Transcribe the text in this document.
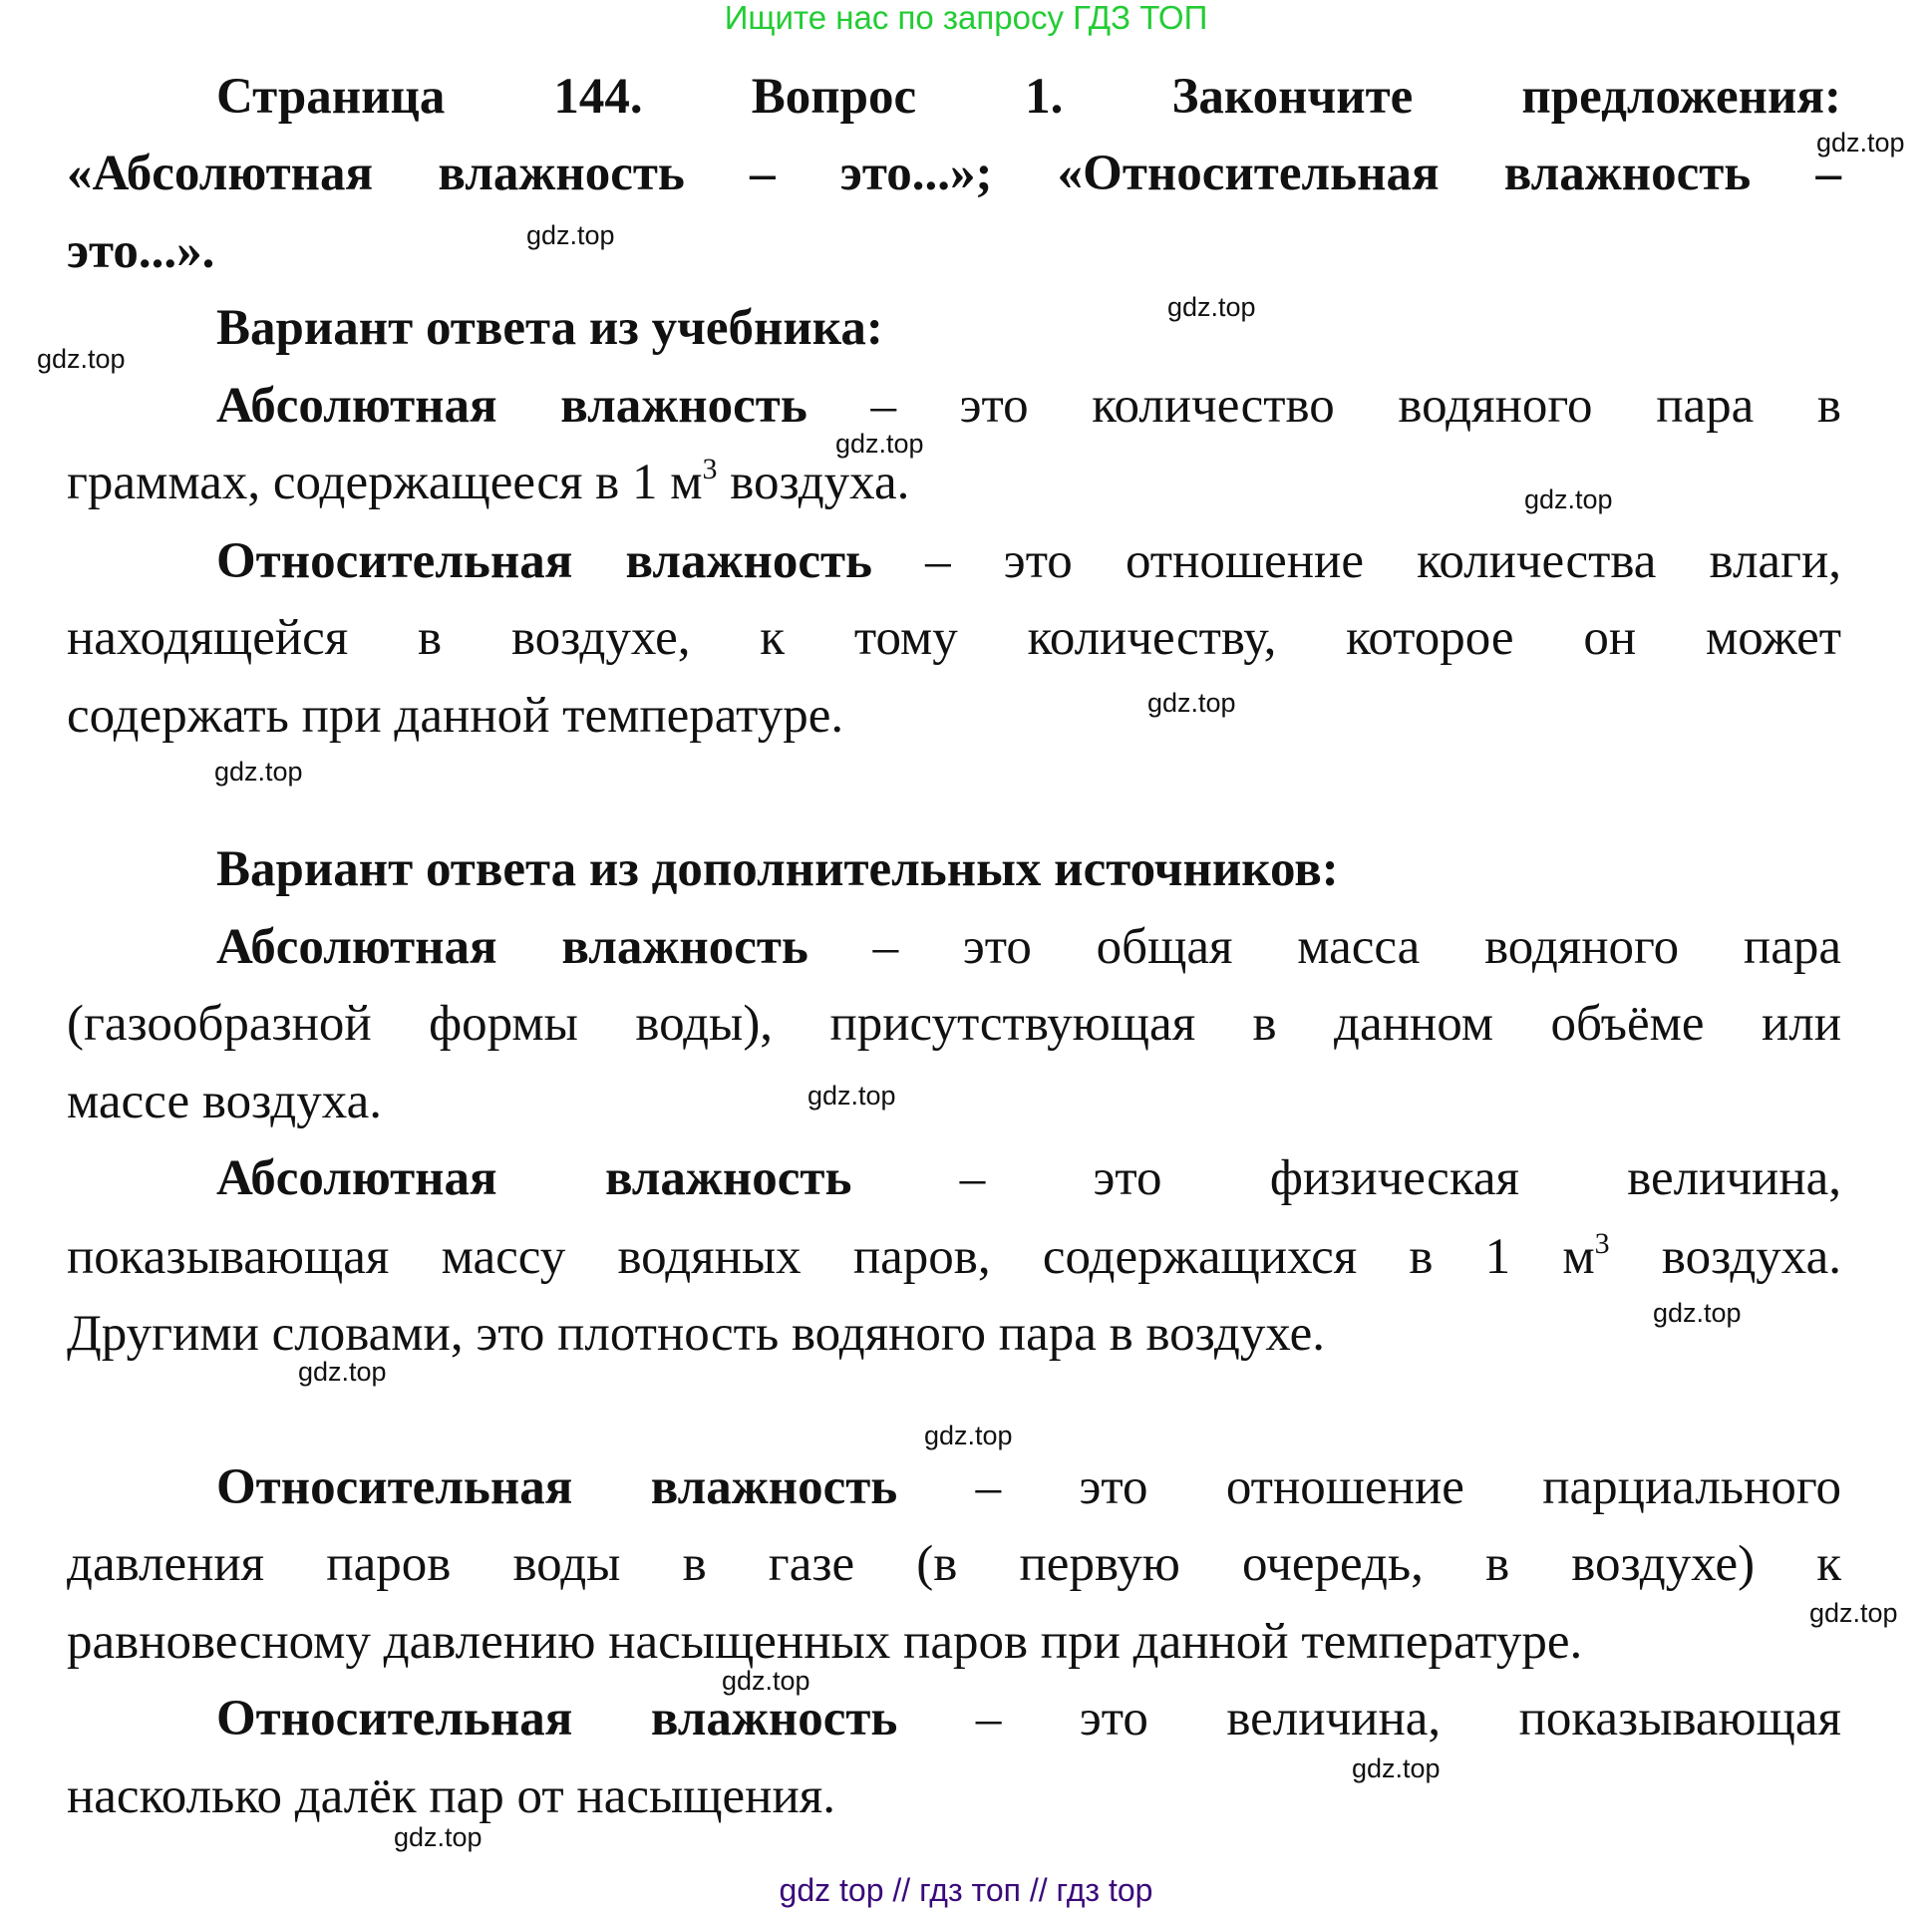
Ищите нас по запросу ГДЗ ТОП
Страница 144. Вопрос 1. Закончите предложения:
«Абсолютная влажность – это...»; «Относительная влажность –
это...».
Вариант ответа из учебника:
Абсолютная влажность – это количество водяного пара в
граммах, содержащееся в 1 $м^3$ воздуха.
Относительная влажность – это отношение количества влаги,
находящейся в воздухе, к тому количеству, которое он может
содержать при данной температуре.
Вариант ответа из дополнительных источников:
Абсолютная влажность – это общая масса водяного пара
(газообразной формы воды), присутствующая в данном объёме или
массе воздуха.
Абсолютная влажность – это физическая величина,
показывающая массу водяных паров, содержащихся в 1 $м^3$ воздуха.
Другими словами, это плотность водяного пара в воздухе.
Относительная влажность – это отношение парциального
давления паров воды в газе (в первую очередь, в воздухе) к
равновесному давлению насыщенных паров при данной температуре.
Относительная влажность – это величина, показывающая
насколько далёк пар от насыщения.
gdz.top
gdz.top
gdz.top
gdz.top
gdz.top
gdz.top
gdz.top
gdz.top
gdz.top
gdz.top
gdz.top
gdz.top
gdz.top
gdz.top
gdz.top
gdz.top
gdz top // гдз топ // гдз top
